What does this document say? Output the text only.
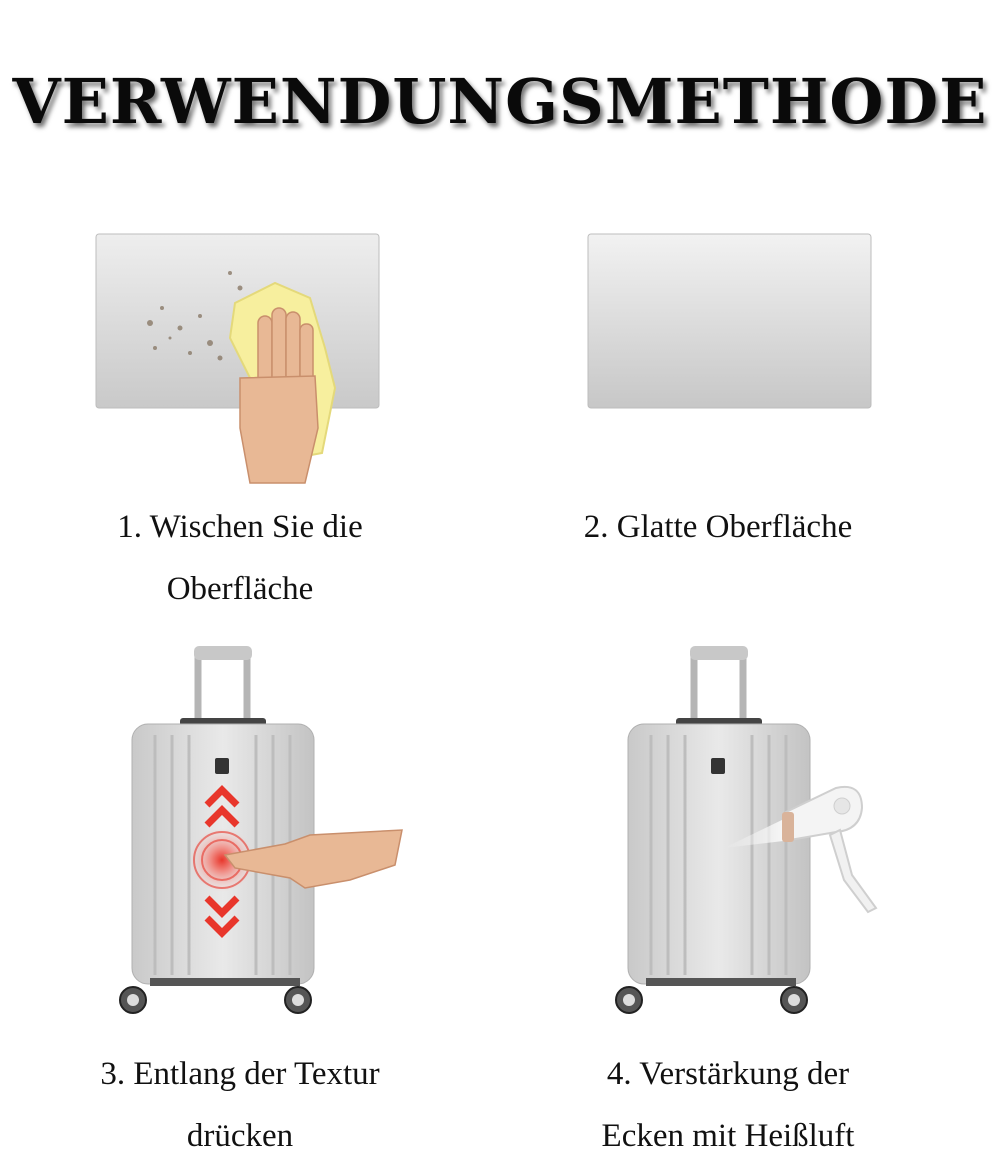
VERWENDUNGSMETHODE
1. Wischen Sie die
Oberfläche
2. Glatte Oberfläche
3. Entlang der Textur
drücken
4. Verstärkung der
Ecken mit Heißluft
